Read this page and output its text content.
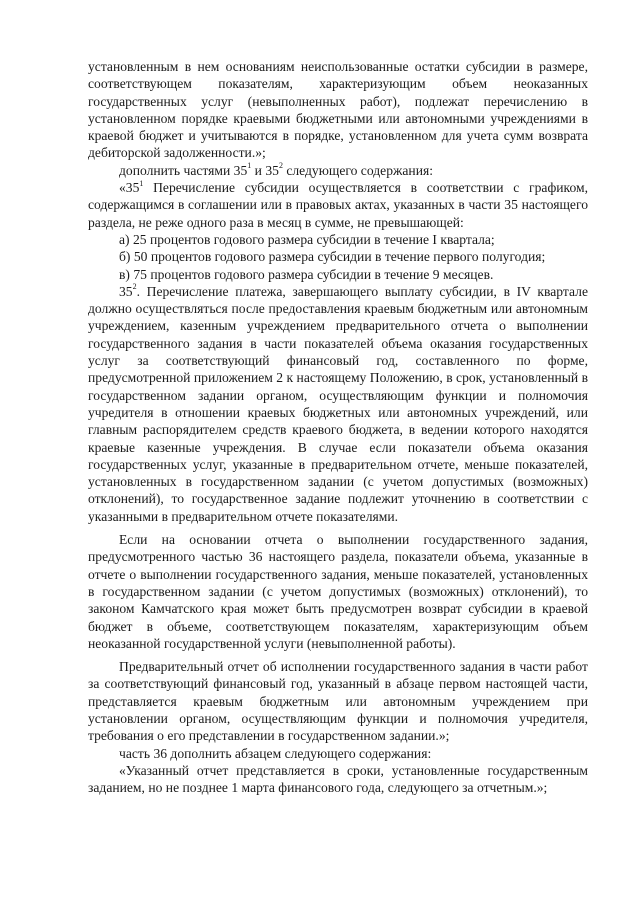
установленным в нем основаниям неиспользованные остатки субсидии в размере, соответствующем показателям, характеризующим объем неоказанных государственных услуг (невыполненных работ), подлежат перечислению в установленном порядке краевыми бюджетными или автономными учреждениями в краевой бюджет и учитываются в порядке, установленном для учета сумм возврата дебиторской задолженности.»;

дополнить частями $35^1$ и $35^2$ следующего содержания:

«$35^1$ Перечисление субсидии осуществляется в соответствии с графиком, содержащимся в соглашении или в правовых актах, указанных в части 35 настоящего раздела, не реже одного раза в месяц в сумме, не превышающей:

а) 25 процентов годового размера субсидии в течение I квартала;

б) 50 процентов годового размера субсидии в течение первого полугодия;

в) 75 процентов годового размера субсидии в течение 9 месяцев.

$35^2$. Перечисление платежа, завершающего выплату субсидии, в IV квартале должно осуществляться после предоставления краевым бюджетным или автономным учреждением, казенным учреждением предварительного отчета о выполнении государственного задания в части показателей объема оказания государственных услуг за соответствующий финансовый год, составленного по форме, предусмотренной приложением 2 к настоящему Положению, в срок, установленный в государственном задании органом, осуществляющим функции и полномочия учредителя в отношении краевых бюджетных или автономных учреждений, или главным распорядителем средств краевого бюджета, в ведении которого находятся краевые казенные учреждения. В случае если показатели объема оказания государственных услуг, указанные в предварительном отчете, меньше показателей, установленных в государственном задании (с учетом допустимых (возможных) отклонений), то государственное задание подлежит уточнению в соответствии с указанными в предварительном отчете показателями.

Если на основании отчета о выполнении государственного задания, предусмотренного частью 36 настоящего раздела, показатели объема, указанные в отчете о выполнении государственного задания, меньше показателей, установленных в государственном задании (с учетом допустимых (возможных) отклонений), то законом Камчатского края может быть предусмотрен возврат субсидии в краевой бюджет в объеме, соответствующем показателям, характеризующим объем неоказанной государственной услуги (невыполненной работы).

Предварительный отчет об исполнении государственного задания в части работ за соответствующий финансовый год, указанный в абзаце первом настоящей части, представляется краевым бюджетным или автономным учреждением при установлении органом, осуществляющим функции и полномочия учредителя, требования о его представлении в государственном задании.»;

часть 36 дополнить абзацем следующего содержания:

«Указанный отчет представляется в сроки, установленные государственным заданием, но не позднее 1 марта финансового года, следующего за отчетным.»;
